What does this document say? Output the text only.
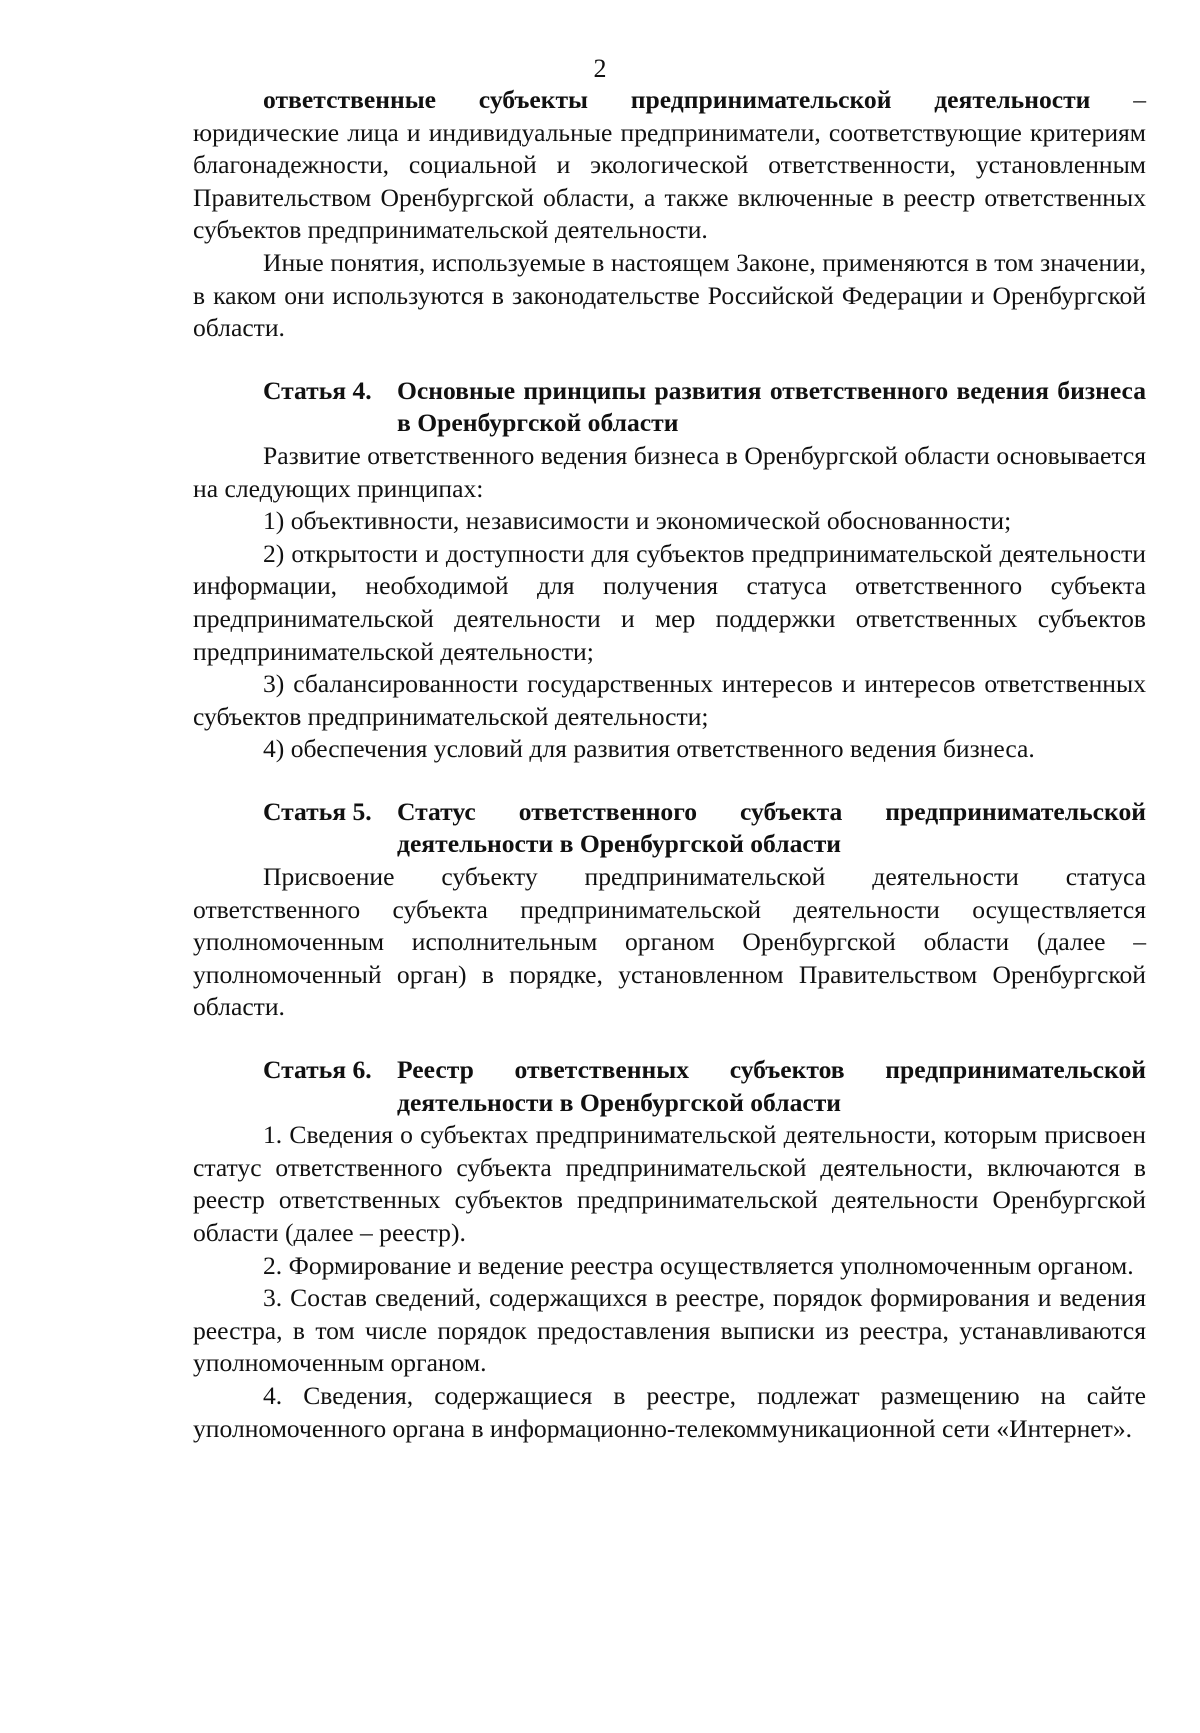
2

ответственные субъекты предпринимательской деятельности – юридические лица и индивидуальные предприниматели, соответствующие критериям благонадежности, социальной и экологической ответственности, установленным Правительством Оренбургской области, а также включенные в реестр ответственных субъектов предпринимательской деятельности.

Иные понятия, используемые в настоящем Законе, применяются в том значении, в каком они используются в законодательстве Российской Федерации и Оренбургской области.

Статья 4. Основные принципы развития ответственного ведения бизнеса в Оренбургской области

Развитие ответственного ведения бизнеса в Оренбургской области основывается на следующих принципах:

1) объективности, независимости и экономической обоснованности;

2) открытости и доступности для субъектов предпринимательской деятельности информации, необходимой для получения статуса ответственного субъекта предпринимательской деятельности и мер поддержки ответственных субъектов предпринимательской деятельности;

3) сбалансированности государственных интересов и интересов ответственных субъектов предпринимательской деятельности;

4) обеспечения условий для развития ответственного ведения бизнеса.

Статья 5. Статус ответственного субъекта предпринимательской деятельности в Оренбургской области

Присвоение субъекту предпринимательской деятельности статуса ответственного субъекта предпринимательской деятельности осуществляется уполномоченным исполнительным органом Оренбургской области (далее – уполномоченный орган) в порядке, установленном Правительством Оренбургской области.

Статья 6. Реестр ответственных субъектов предпринимательской деятельности в Оренбургской области

1. Сведения о субъектах предпринимательской деятельности, которым присвоен статус ответственного субъекта предпринимательской деятельности, включаются в реестр ответственных субъектов предпринимательской деятельности Оренбургской области (далее – реестр).

2. Формирование и ведение реестра осуществляется уполномоченным органом.

3. Состав сведений, содержащихся в реестре, порядок формирования и ведения реестра, в том числе порядок предоставления выписки из реестра, устанавливаются уполномоченным органом.

4. Сведения, содержащиеся в реестре, подлежат размещению на сайте уполномоченного органа в информационно-телекоммуникационной сети «Интернет».
